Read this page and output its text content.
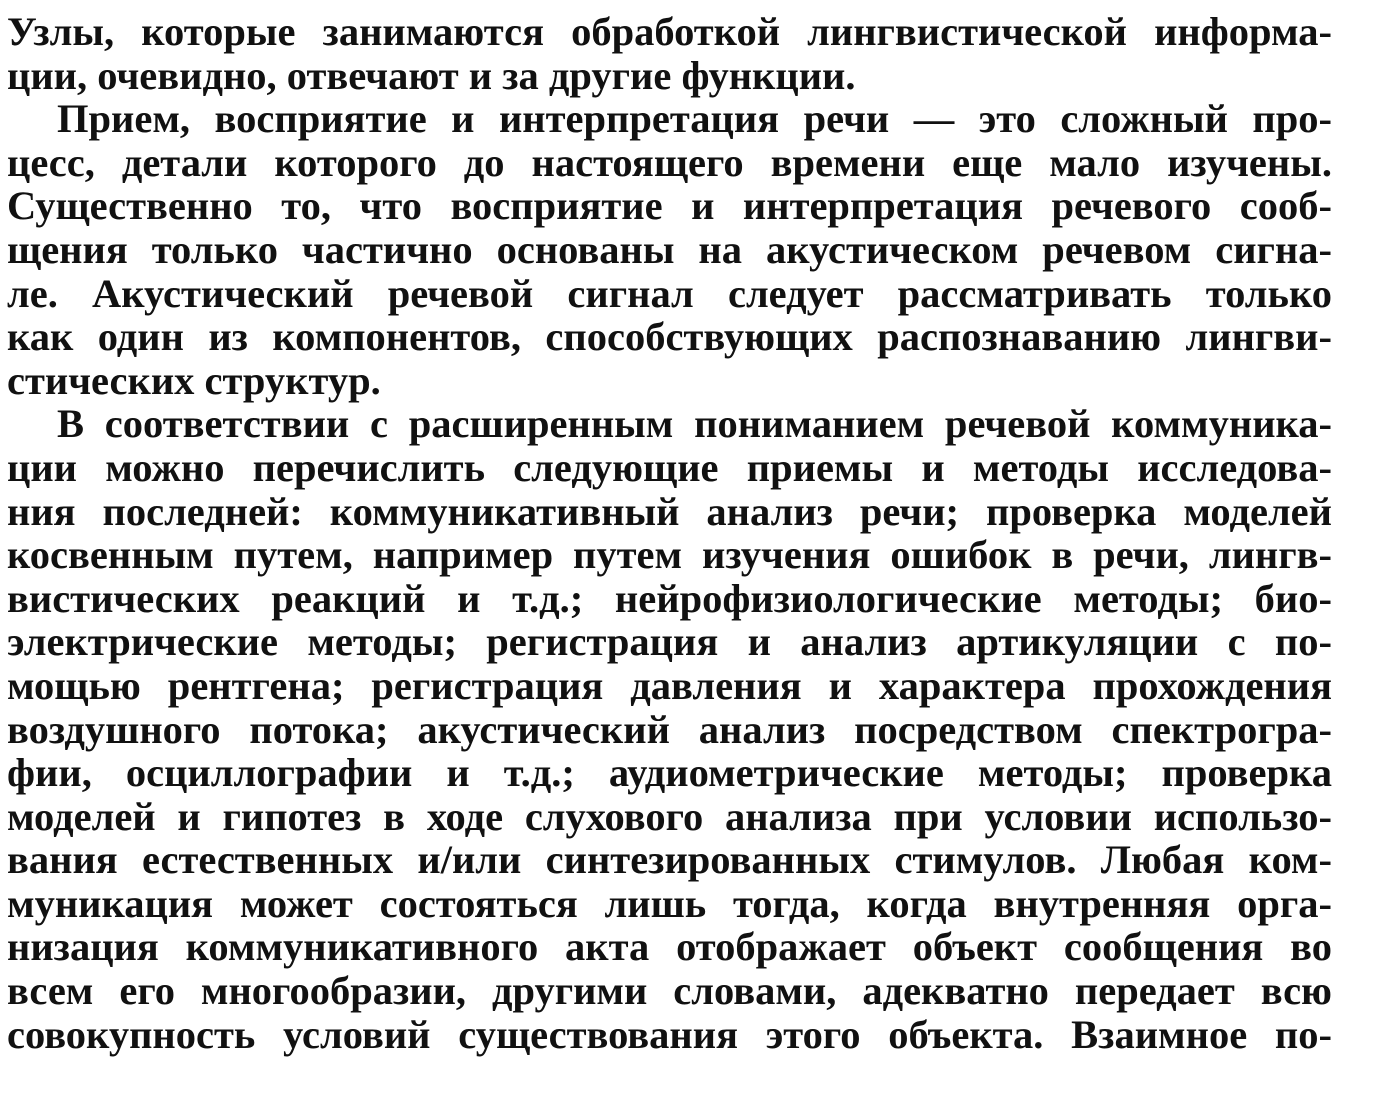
Узлы, которые занимаются обработкой лингвистической информа-
ции, очевидно, отвечают и за другие функции.
Прием, восприятие и интерпретация речи — это сложный про-
цесс, детали которого до настоящего времени еще мало изучены.
Существенно то, что восприятие и интерпретация речевого сооб-
щения только частично основаны на акустическом речевом сигна-
ле. Акустический речевой сигнал следует рассматривать только
как один из компонентов, способствующих распознаванию лингви-
стических структур.
В соответствии с расширенным пониманием речевой коммуника-
ции можно перечислить следующие приемы и методы исследова-
ния последней: коммуникативный анализ речи; проверка моделей
косвенным путем, например путем изучения ошибок в речи, лингв-
вистических реакций и т.д.; нейрофизиологические методы; био-
электрические методы; регистрация и анализ артикуляции с по-
мощью рентгена; регистрация давления и характера прохождения
воздушного потока; акустический анализ посредством спектрогра-
фии, осциллографии и т.д.; аудиометрические методы; проверка
моделей и гипотез в ходе слухового анализа при условии использо-
вания естественных и/или синтезированных стимулов. Любая ком-
муникация может состояться лишь тогда, когда внутренняя орга-
низация коммуникативного акта отображает объект сообщения во
всем его многообразии, другими словами, адекватно передает всю
совокупность условий существования этого объекта. Взаимное по-
